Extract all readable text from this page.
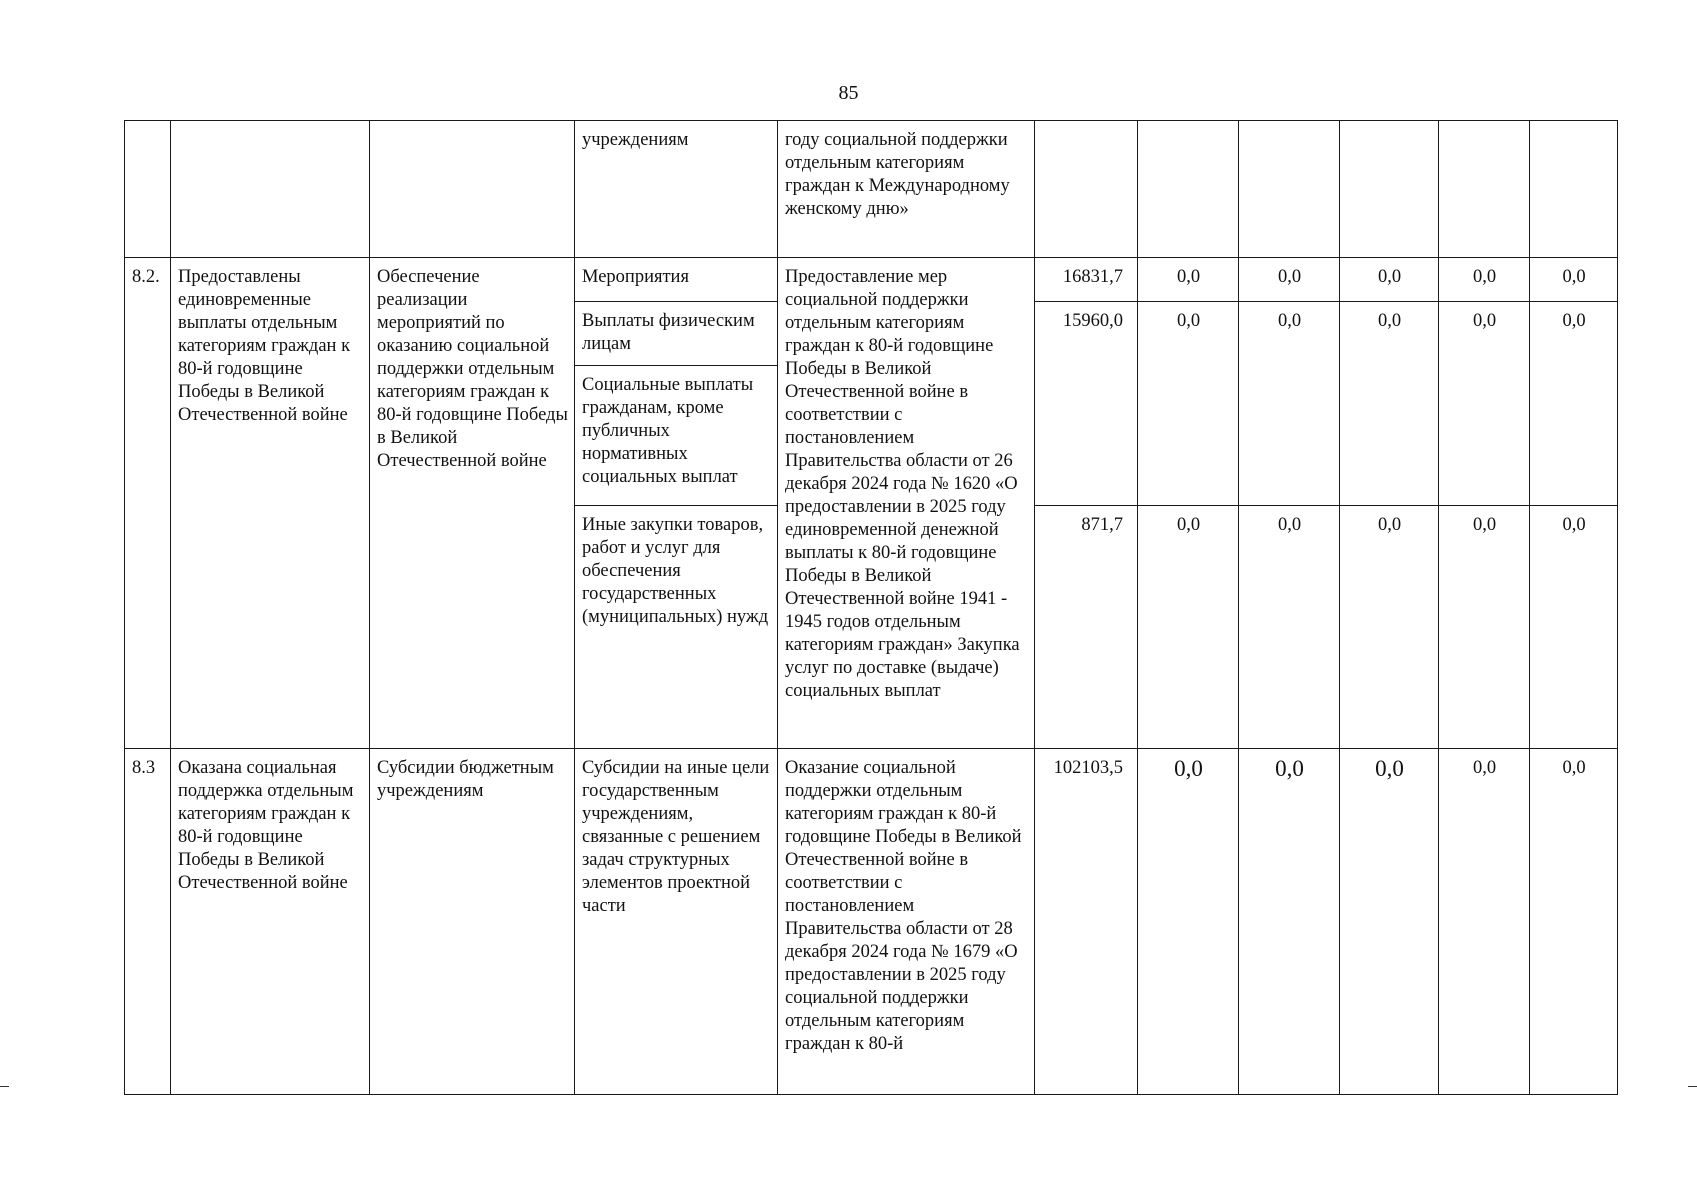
85
			учреждениям	году социальной поддержки отдельным категориям граждан к Международному женскому дню»						
8.2.	Предоставлены единовременные выплаты отдельным категориям граждан к 80-й годовщине Победы в Великой Отечественной войне	Обеспечение реализации мероприятий по оказанию социальной поддержки отдельным категориям граждан к 80-й годовщине Победы в Великой Отечественной войне	Мероприятия	Предоставление мер социальной поддержки отдельным категориям граждан к 80-й годовщине Победы в Великой Отечественной войне в соответствии с постановлением Правительства области от 26 декабря 2024 года № 1620 «О предоставлении в 2025 году единовременной денежной выплаты к 80-й годовщине Победы в Великой Отечественной войне 1941 - 1945 годов отдельным категориям граждан» Закупка услуг по доставке (выдаче) социальных выплат	16831,7	0,0	0,0	0,0	0,0	0,0
			Выплаты физическим лицам		15960,0	0,0	0,0	0,0	0,0	0,0
			Социальные выплаты гражданам, кроме публичных нормативных социальных выплат							
			Иные закупки товаров, работ и услуг для обеспечения государственных (муниципальных) нужд		871,7	0,0	0,0	0,0	0,0	0,0
8.3	Оказана социальная поддержка отдельным категориям граждан к 80-й годовщине Победы в Великой Отечественной войне	Субсидии бюджетным учреждениям	Субсидии на иные цели государственным учреждениям, связанные с решением задач структурных элементов проектной части	Оказание социальной поддержки отдельным категориям граждан к 80-й годовщине Победы в Великой Отечественной войне в соответствии с постановлением Правительства области от 28 декабря 2024 года № 1679 «О предоставлении в 2025 году социальной поддержки отдельным категориям граждан к 80-й	102103,5	0,0	0,0	0,0	0,0	0,0
